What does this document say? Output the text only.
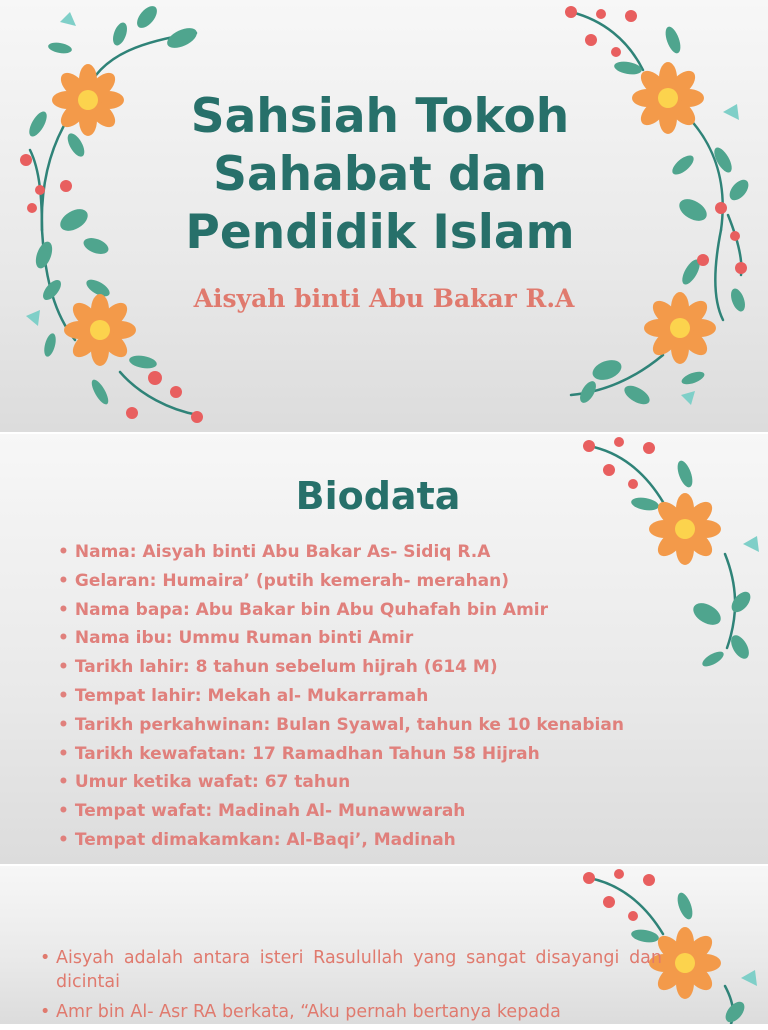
Sahsiah Tokoh
Sahabat dan
Pendidik Islam

Aisyah binti Abu Bakar R.A

Biodata
• Nama: Aisyah binti Abu Bakar As- Sidiq R.A
• Gelaran: Humaira’ (putih kemerah- merahan)
• Nama bapa: Abu Bakar bin Abu Quhafah bin Amir
• Nama ibu: Ummu Ruman binti Amir
• Tarikh lahir: 8 tahun sebelum hijrah (614 M)
• Tempat lahir: Mekah al- Mukarramah
• Tarikh perkahwinan: Bulan Syawal, tahun ke 10 kenabian
• Tarikh kewafatan: 17 Ramadhan Tahun 58 Hijrah
• Umur ketika wafat: 67 tahun
• Tempat wafat: Madinah Al- Munawwarah
• Tempat dimakamkan: Al-Baqi’, Madinah
• Aisyah adalah antara isteri Rasulullah yang sangat disayangi dan dicintai
• Amr bin Al- Asr RA berkata, “Aku pernah bertanya kepada
